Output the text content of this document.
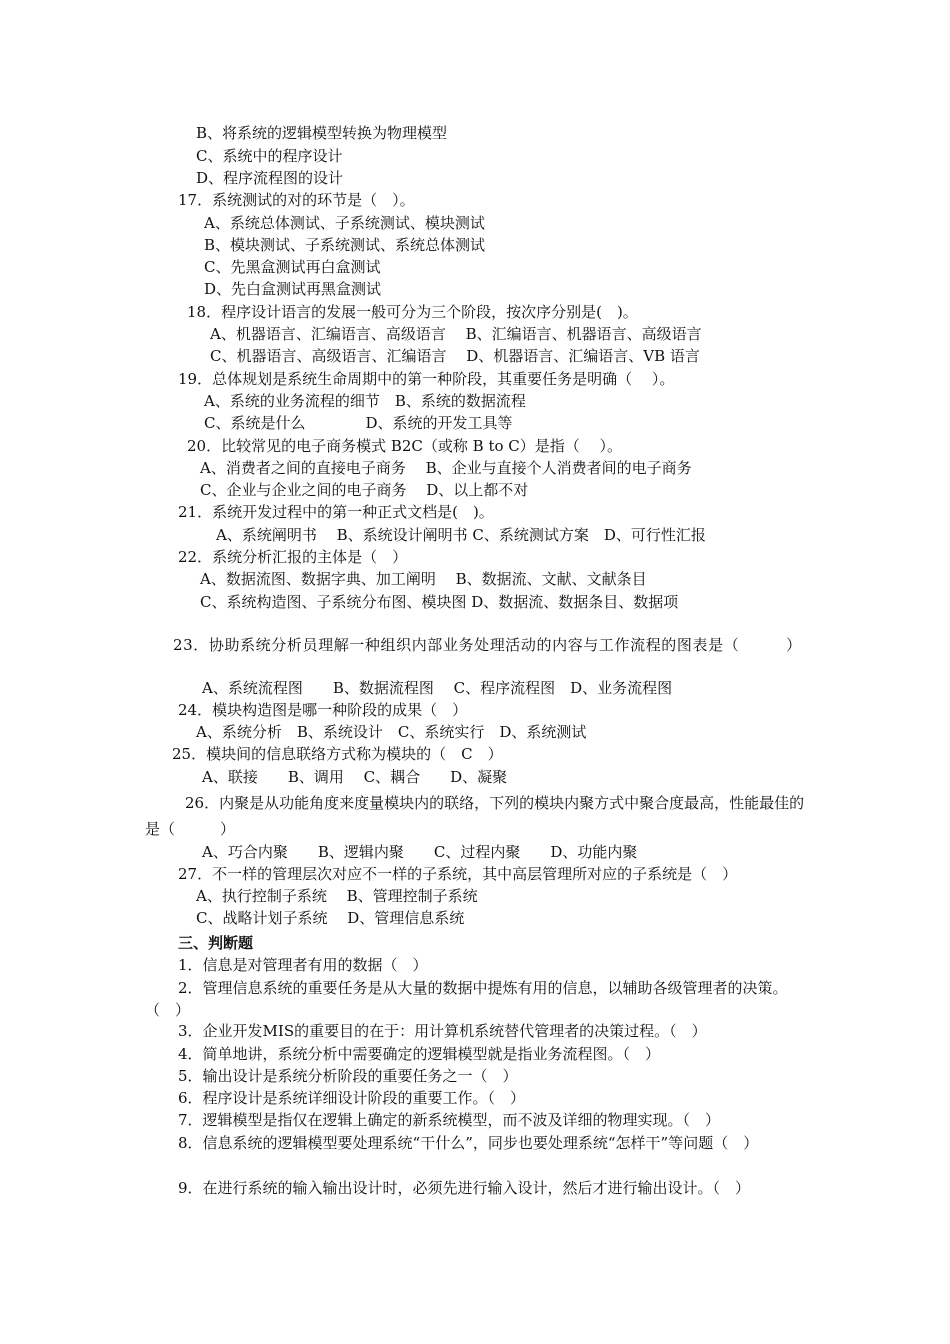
B、将系统的逻辑模型转换为物理模型
C、系统中的程序设计
D、程序流程图的设计
17．系统测试的对的环节是（　）。
A、系统总体测试、子系统测试、模块测试
B、模块测试、子系统测试、系统总体测试
C、先黑盒测试再白盒测试
D、先白盒测试再黑盒测试
18．程序设计语言的发展一般可分为三个阶段，按次序分别是(　)。
A、机器语言、汇编语言、高级语言　 B、汇编语言、机器语言、高级语言
C、机器语言、高级语言、汇编语言　 D、机器语言、汇编语言、VB 语言
19．总体规划是系统生命周期中的第一种阶段，其重要任务是明确（　 ）。
A、系统的业务流程的细节　B、系统的数据流程
C、系统是什么　　　　D、系统的开发工具等
20．比较常见的电子商务模式 B2C（或称 B to C）是指（　 ）。
A、消费者之间的直接电子商务　 B、企业与直接个人消费者间的电子商务
C、企业与企业之间的电子商务　 D、以上都不对
21．系统开发过程中的第一种正式文档是(　)。
A、系统阐明书　 B、系统设计阐明书 C、系统测试方案　D、可行性汇报
22．系统分析汇报的主体是（　）
A、数据流图、数据字典、加工阐明　 B、数据流、文献、文献条目
C、系统构造图、子系统分布图、模块图 D、数据流、数据条目、数据项
23．协助系统分析员理解一种组织内部业务处理活动的内容与工作流程的图表是（　　　）
A、系统流程图　　B、数据流程图　 C、程序流程图　D、业务流程图
24．模块构造图是哪一种阶段的成果（　）
A、系统分析　B、系统设计　C、系统实行　D、系统测试
25．模块间的信息联络方式称为模块的（　C　）
A、联接　　B、调用　 C、耦合　　D、凝聚
26．内聚是从功能角度来度量模块内的联络，下列的模块内聚方式中聚合度最高，性能最佳的是（　　　）
A、巧合内聚　　B、逻辑内聚　　C、过程内聚　　D、功能内聚
27．不一样的管理层次对应不一样的子系统，其中高层管理所对应的子系统是（　）
A、执行控制子系统　 B、管理控制子系统
C、战略计划子系统　 D、管理信息系统
三、判断题
1．信息是对管理者有用的数据（　）
2．管理信息系统的重要任务是从大量的数据中提炼有用的信息，以辅助各级管理者的决策。（　）
3．企业开发MIS的重要目的在于：用计算机系统替代管理者的决策过程。（　）
4．简单地讲，系统分析中需要确定的逻辑模型就是指业务流程图。（　）
5．输出设计是系统分析阶段的重要任务之一（　）
6．程序设计是系统详细设计阶段的重要工作。（　）
7．逻辑模型是指仅在逻辑上确定的新系统模型，而不波及详细的物理实现。（　）
8．信息系统的逻辑模型要处理系统“干什么”，同步也要处理系统“怎样干”等问题（　）
9．在进行系统的输入输出设计时，必须先进行输入设计，然后才进行输出设计。（　）
